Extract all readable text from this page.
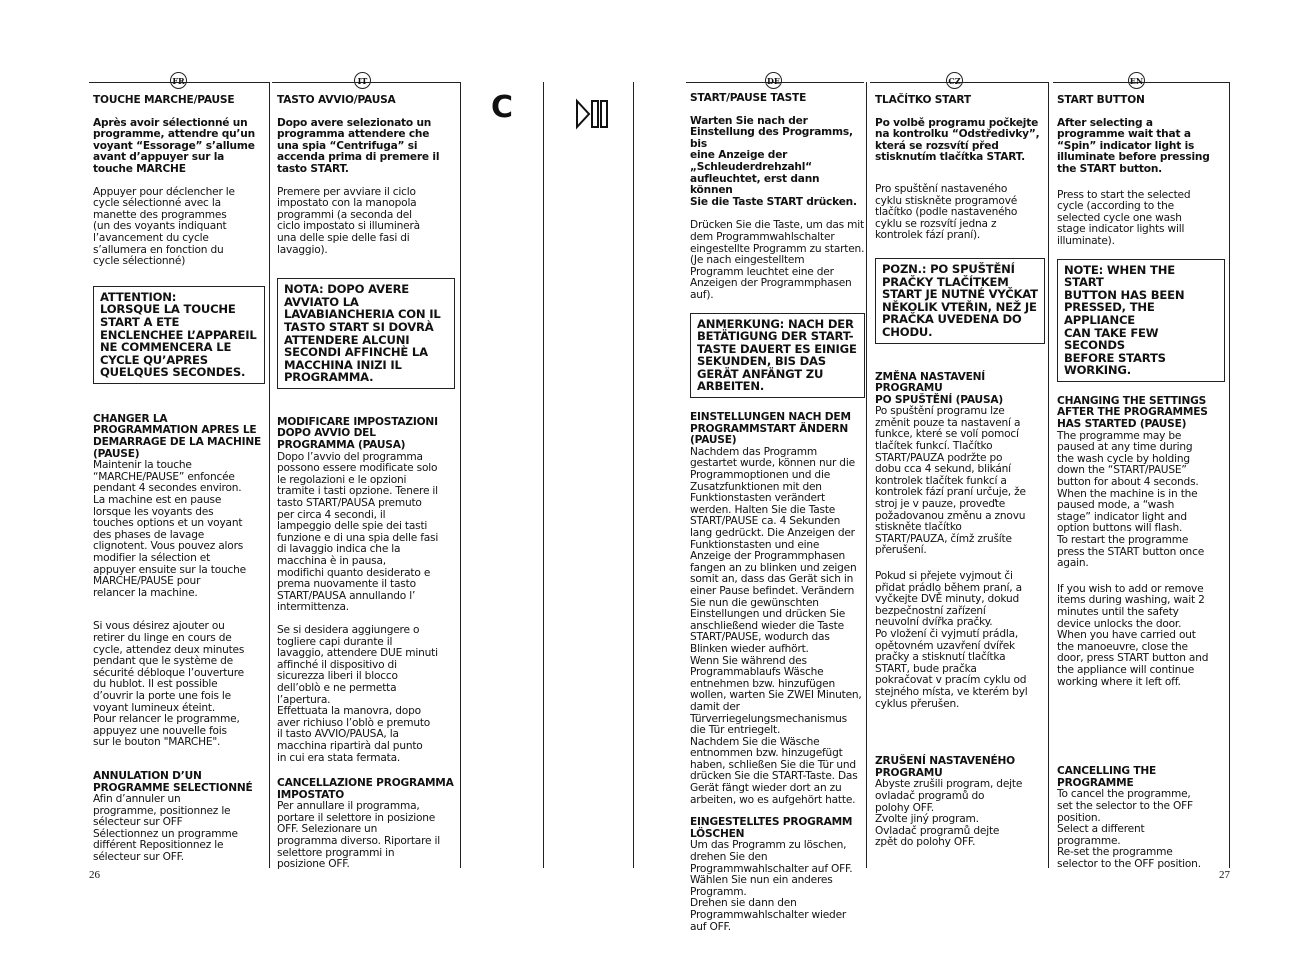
FR	IT	DE	CZ	EN
C

TOUCHE MARCHE/PAUSE

Après avoir sélectionné un
programme, attendre qu’un
voyant “Essorage” s’allume
avant d’appuyer sur la
touche MARCHE

Appuyer pour déclencher le
cycle sélectionné avec la
manette des programmes
(un des voyants indiquant
l’avancement du cycle
s’allumera en fonction du
cycle sélectionné)

ATTENTION:
LORSQUE LA TOUCHE
START A ETE
ENCLENCHEE L’APPAREIL
NE COMMENCERA LE
CYCLE QU’APRES
QUELQUES SECONDES.

CHANGER LA
PROGRAMMATION APRES LE
DEMARRAGE DE LA MACHINE
(PAUSE)

Maintenir la touche
“MARCHE/PAUSE” enfoncée
pendant 4 secondes environ.
La machine est en pause
lorsque les voyants des
touches options et un voyant
des phases de lavage
clignotent. Vous pouvez alors
modifier la sélection et
appuyer ensuite sur la touche
MARCHE/PAUSE pour
relancer la machine.

Si vous désirez ajouter ou
retirer du linge en cours de
cycle, attendez deux minutes
pendant que le système de
sécurité débloque l’ouverture
du hublot. Il est possible
d’ouvrir la porte une fois le
voyant lumineux éteint.
Pour relancer le programme,
appuyez une nouvelle fois
sur le bouton "MARCHE".

ANNULATION D’UN
PROGRAMME SELECTIONNÉ

Afin d’annuler un
programme, positionnez le
sélecteur sur OFF
Sélectionnez un programme
différent Repositionnez le
sélecteur sur OFF.

TASTO AVVIO/PAUSA

Dopo avere selezionato un
programma attendere che
una spia “Centrifuga” si
accenda prima di premere il
tasto START.

Premere per avviare il ciclo
impostato con la manopola
programmi (a seconda del
ciclo impostato si illuminerà
una delle spie delle fasi di
lavaggio).

NOTA: DOPO AVERE
AVVIATO LA
LAVABIANCHERIA CON IL
TASTO START SI DOVRÀ
ATTENDERE ALCUNI
SECONDI AFFINCHÈ LA
MACCHINA INIZI IL
PROGRAMMA.

MODIFICARE IMPOSTAZIONI
DOPO AVVIO DEL
PROGRAMMA (PAUSA)

Dopo l’avvio del programma
possono essere modificate solo
le regolazioni e le opzioni
tramite i tasti opzione. Tenere il
tasto START/PAUSA premuto
per circa 4 secondi, il
lampeggio delle spie dei tasti
funzione e di una spia delle fasi
di lavaggio indica che la
macchina è in pausa,
modifichi quanto desiderato e
prema nuovamente il tasto
START/PAUSA annullando l’
intermittenza.

Se si desidera aggiungere o
togliere capi durante il
lavaggio, attendere DUE minuti
affinché il dispositivo di
sicurezza liberi il blocco
dell’oblò e ne permetta
l’apertura.
Effettuata la manovra, dopo
aver richiuso l’oblò e premuto
il tasto AVVIO/PAUSA, la
macchina ripartirà dal punto
in cui era stata fermata.

CANCELLAZIONE PROGRAMMA
IMPOSTATO

Per annullare il programma,
portare il selettore in posizione
OFF. Selezionare un
programma diverso. Riportare il
selettore programmi in
posizione OFF.

START/PAUSE TASTE

Warten Sie nach der
Einstellung des Programms, bis
eine Anzeige der
„Schleuderdrehzahl“
aufleuchtet, erst dann können
Sie die Taste START drücken.

Drücken Sie die Taste, um das mit
dem Programmwahlschalter
eingestellte Programm zu starten.
(Je nach eingestelltem
Programm leuchtet eine der
Anzeigen der Programmphasen
auf).

ANMERKUNG: NACH DER
BETÄTIGUNG DER START-
TASTE DAUERT ES EINIGE
SEKUNDEN, BIS DAS
GERÄT ANFÄNGT ZU
ARBEITEN.

EINSTELLUNGEN NACH DEM
PROGRAMMSTART ÄNDERN
(PAUSE)

Nachdem das Programm
gestartet wurde, können nur die
Programmoptionen und die
Zusatzfunktionen mit den
Funktionstasten verändert
werden. Halten Sie die Taste
START/PAUSE ca. 4 Sekunden
lang gedrückt. Die Anzeigen der
Funktionstasten und eine
Anzeige der Programmphasen
fangen an zu blinken und zeigen
somit an, dass das Gerät sich in
einer Pause befindet. Verändern
Sie nun die gewünschten
Einstellungen und drücken Sie
anschließend wieder die Taste
START/PAUSE, wodurch das
Blinken wieder aufhört.
Wenn Sie während des
Programmablaufs Wäsche
entnehmen bzw. hinzufügen
wollen, warten Sie ZWEI Minuten,
damit der
Türverriegelungsmechanismus
die Tür entriegelt.
Nachdem Sie die Wäsche
entnommen bzw. hinzugefügt
haben, schließen Sie die Tür und
drücken Sie die START-Taste. Das
Gerät fängt wieder dort an zu
arbeiten, wo es aufgehört hatte.

EINGESTELLTES PROGRAMM
LÖSCHEN

Um das Programm zu löschen,
drehen Sie den
Programmwahlschalter auf OFF.
Wählen Sie nun ein anderes
Programm.
Drehen sie dann den
Programmwahlschalter wieder
auf OFF.

TLAČÍTKO START

Po volbě programu počkejte
na kontrolku “Odstředivky”,
která se rozsvítí před
stisknutím tlačítka START.

Pro spuštění nastaveného
cyklu stiskněte programové
tlačítko (podle nastaveného
cyklu se rozsvítí jedna z
kontrolek fází praní).

POZN.: PO SPUŠTĚNÍ
PRAČKY TLAČÍTKEM
START JE NUTNÉ VYČKAT
NĚKOLIK VTEŘIN, NEŽ JE
PRAČKA UVEDENA DO
CHODU.

ZMĚNA NASTAVENÍ PROGRAMU
PO SPUŠTĚNÍ (PAUSA)

Po spuštění programu lze
změnit pouze ta nastavení a
funkce, které se volí pomocí
tlačítek funkcí. Tlačítko
START/PAUZA podržte po
dobu cca 4 sekund, blikání
kontrolek tlačítek funkcí a
kontrolek fází praní určuje, že
stroj je v pauze, proveďte
požadovanou změnu a znovu
stiskněte tlačítko
START/PAUZA, čímž zrušíte
přerušení.

Pokud si přejete vyjmout či
přidat prádlo během praní, a
vyčkejte DVĚ minuty, dokud
bezpečnostní zařízení
neuvolní dvířka pračky.
Po vložení či vyjmutí prádla,
opětovném uzavření dvířek
pračky a stisknutí tlačítka
START, bude pračka
pokračovat v pracím cyklu od
stejného místa, ve kterém byl
cyklus přerušen.

ZRUŠENÍ NASTAVENÉHO
PROGRAMU

Abyste zrušili program, dejte
ovladač programů do
polohy OFF.
Zvolte jiný program.
Ovladač programů dejte
zpět do polohy OFF.

START BUTTON

After selecting a
programme wait that a
“Spin” indicator light is
illuminate before pressing
the START button.

Press to start the selected
cycle (according to the
selected cycle one wash
stage indicator lights will
illuminate).

NOTE: WHEN THE START
BUTTON HAS BEEN
PRESSED, THE APPLIANCE
CAN TAKE FEW SECONDS
BEFORE STARTS
WORKING.

CHANGING THE SETTINGS
AFTER THE PROGRAMMES
HAS STARTED (PAUSE)

The programme may be
paused at any time during
the wash cycle by holding
down the “START/PAUSE”
button for about 4 seconds.
When the machine is in the
paused mode, a “wash
stage” indicator light and
option buttons will flash.
To restart the programme
press the START button once
again.

If you wish to add or remove
items during washing, wait 2
minutes until the safety
device unlocks the door.
When you have carried out
the manoeuvre, close the
door, press START button and
the appliance will continue
working where it left off.

CANCELLING THE
PROGRAMME

To cancel the programme,
set the selector to the OFF
position.
Select a different
programme.
Re-set the programme
selector to the OFF position.

26	27
